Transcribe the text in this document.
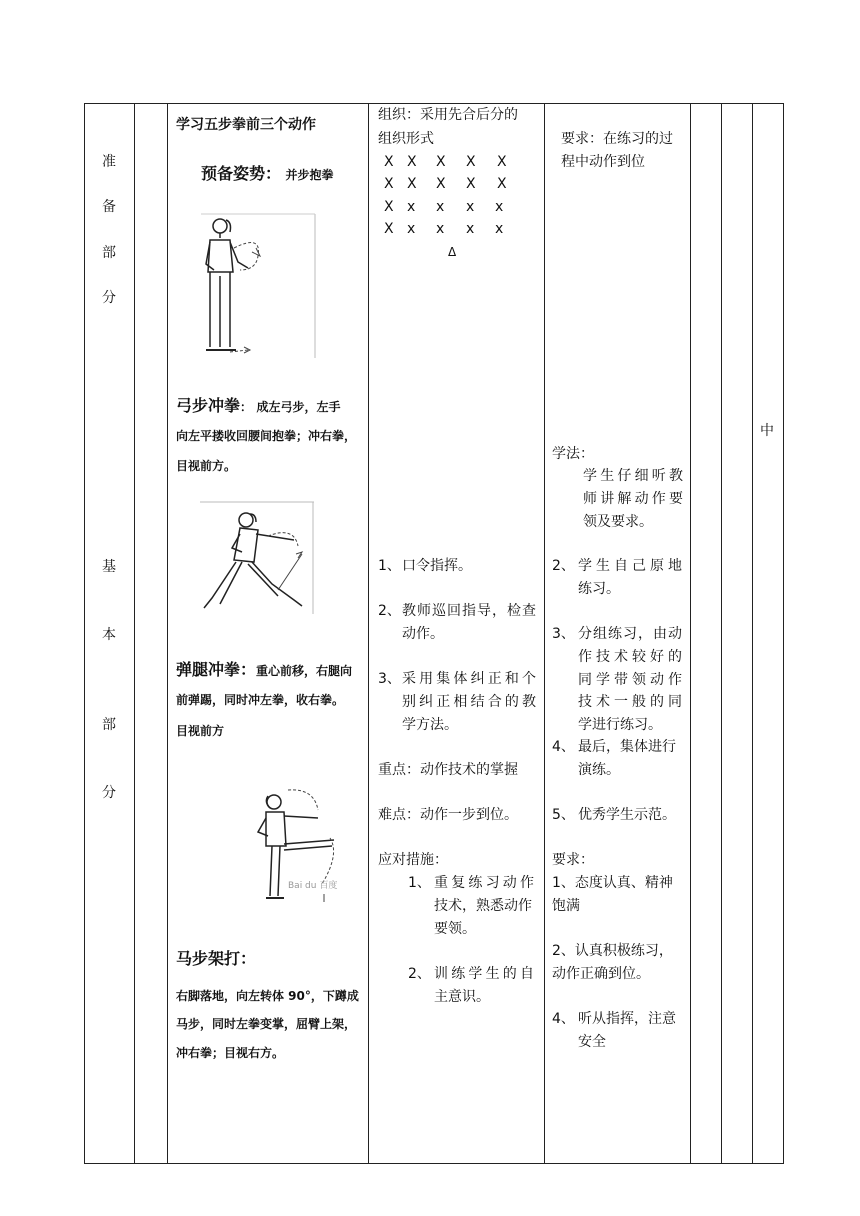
准
备
部
分
基
本
部
分
中
学习五步拳前三个动作
预备姿势： 并步抱拳
弓步冲拳： 成左弓步，左手
向左平搂收回腰间抱拳；冲右拳，
目视前方。
弹腿冲拳：重心前移，右腿向
前弹踢，同时冲左拳，收右拳。
目视前方
Bai du 百度
马步架打：
右脚落地，向左转体 90°，下蹲成
马步，同时左拳变掌，屈臂上架，
冲右拳；目视右方。
组织：采用先合后分的
组织形式
X X X X X
X X X X X
X x x x x
X x x x x
Δ
1、 口令指挥。
2、 教师巡回指导，检查
动作。
3、 采用集体纠正和个
别纠正相结合的教
学方法。
重点：动作技术的掌握
难点：动作一步到位。
应对措施：
1、 重复练习动作
技术，熟悉动作
要领。
2、 训练学生的自
主意识。
要求：在练习的过
程中动作到位
学法：
学生仔细听教
师讲解动作要
领及要求。
2、 学生自己原地
练习。
3、 分组练习，由动
作技术较好的
同学带领动作
技术一般的同
学进行练习。
4、 最后，集体进行
演练。
5、 优秀学生示范。
要求：
1、态度认真、精神
饱满
2、认真积极练习，
动作正确到位。
4、 听从指挥，注意
安全
